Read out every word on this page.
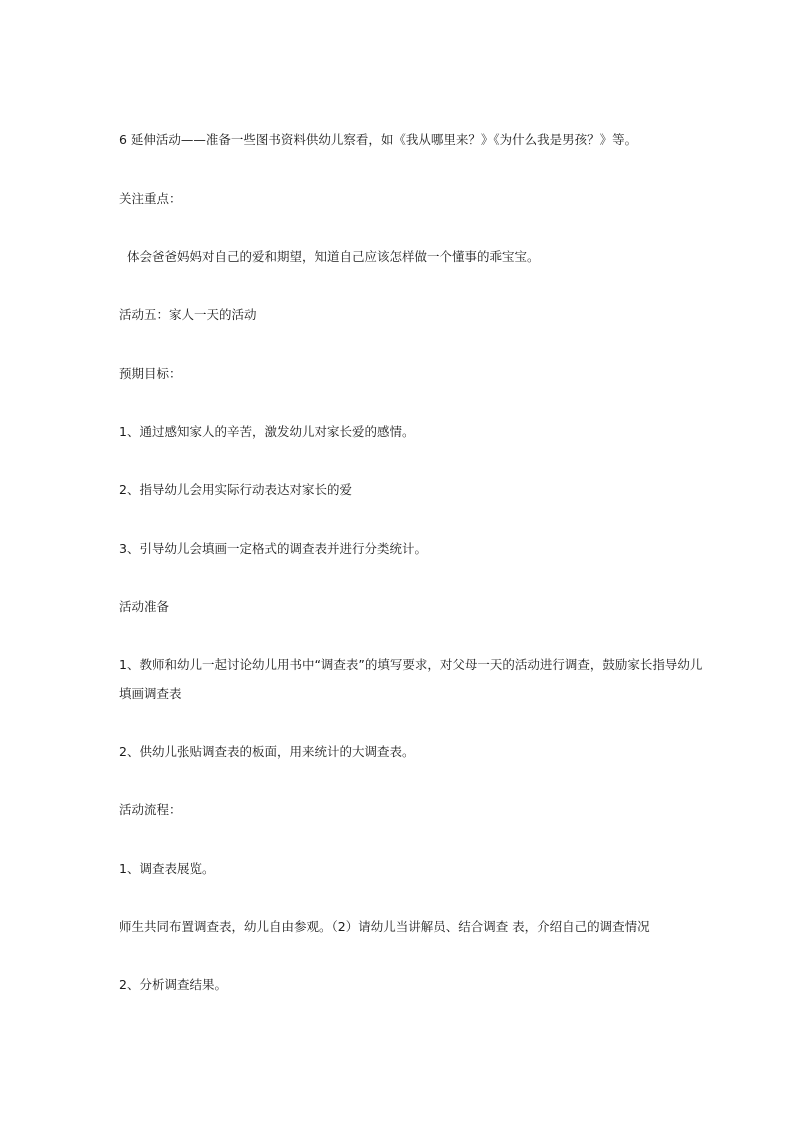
6 延伸活动——准备一些图书资料供幼儿察看，如《我从哪里来？》《为什么我是男孩？》等。
关注重点：
体会爸爸妈妈对自己的爱和期望，知道自己应该怎样做一个懂事的乖宝宝。
活动五：家人一天的活动
预期目标：
1、通过感知家人的辛苦，激发幼儿对家长爱的感情。
2、指导幼儿会用实际行动表达对家长的爱
3、引导幼儿会填画一定格式的调查表并进行分类统计。
活动准备
1、教师和幼儿一起讨论幼儿用书中“调查表”的填写要求，对父母一天的活动进行调查，鼓励家长指导幼儿
填画调查表
2、供幼儿张贴调查表的板面，用来统计的大调查表。
活动流程：
1、调查表展览。
师生共同布置调查表，幼儿自由参观。（2）请幼儿当讲解员、结合调查 表，介绍自己的调查情况
2、分析调查结果。
